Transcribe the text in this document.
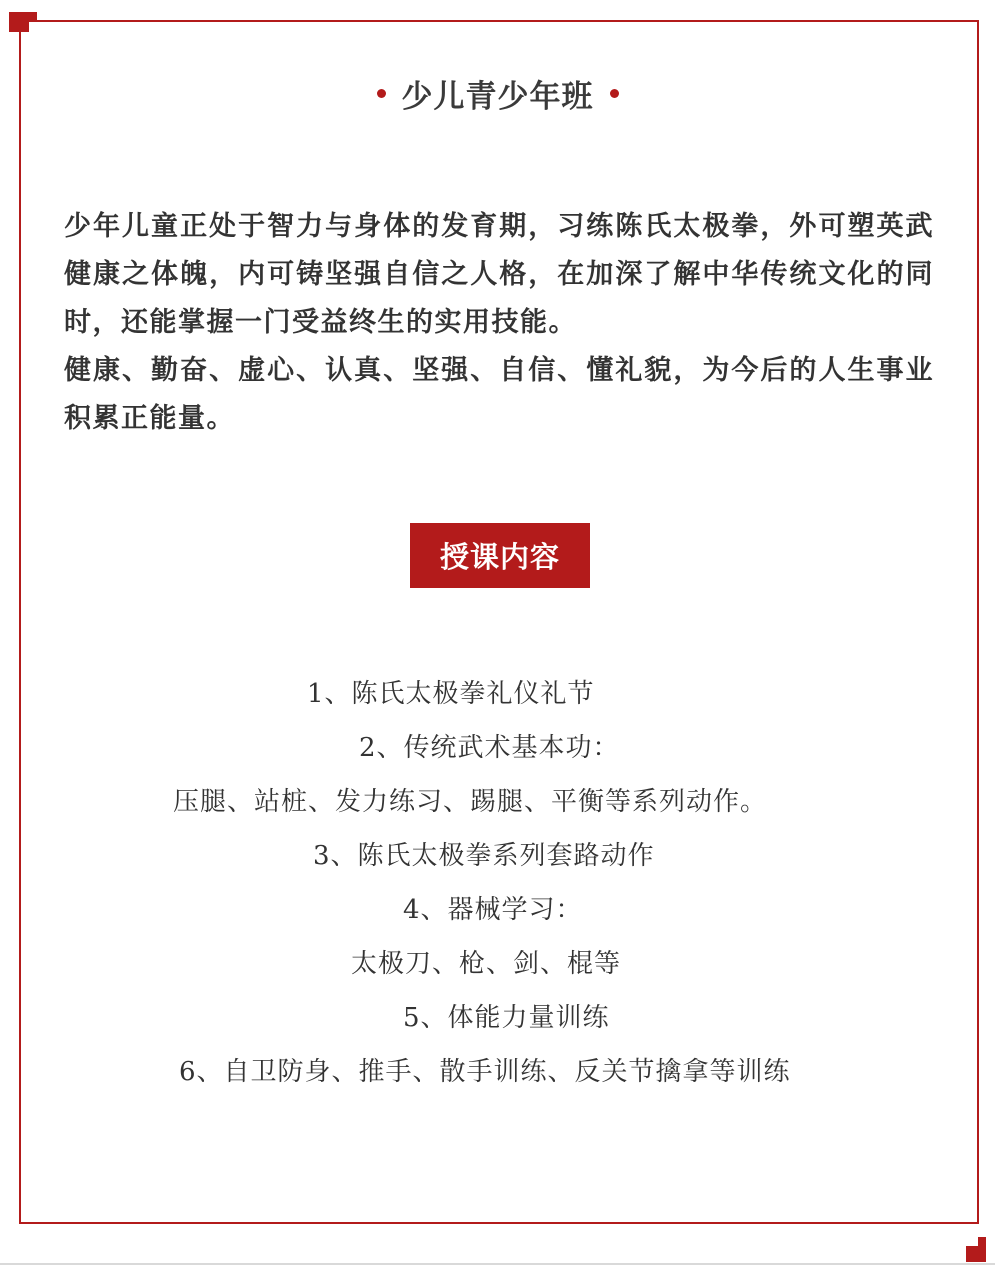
少儿青少年班

少年儿童正处于智力与身体的发育期，习练陈氏太极拳，外可塑英武健康之体魄，内可铸坚强自信之人格，在加深了解中华传统文化的同时，还能掌握一门受益终生的实用技能。

健康、勤奋、虚心、认真、坚强、自信、懂礼貌，为今后的人生事业积累正能量。

授课内容
1、陈氏太极拳礼仪礼节
2、传统武术基本功：
压腿、站桩、发力练习、踢腿、平衡等系列动作。
3、陈氏太极拳系列套路动作
4、器械学习：
太极刀、枪、剑、棍等
5、体能力量训练
6、自卫防身、推手、散手训练、反关节擒拿等训练
